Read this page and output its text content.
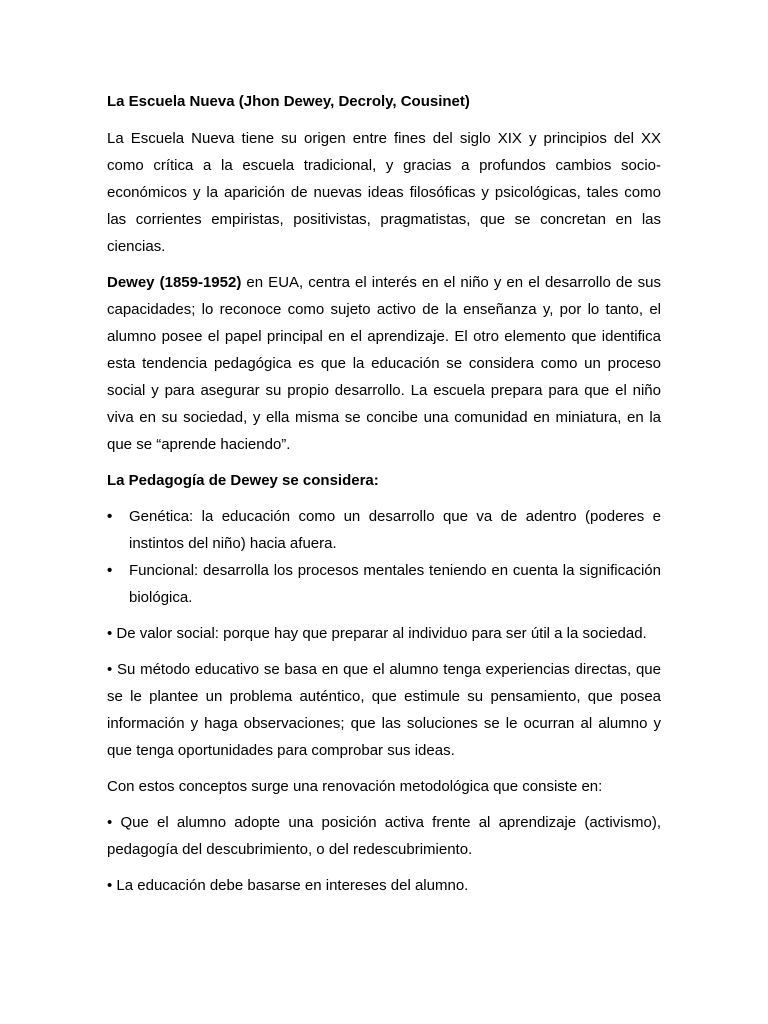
La Escuela Nueva (Jhon Dewey, Decroly, Cousinet)

La Escuela Nueva tiene su origen entre fines del siglo XIX y principios del XX como crítica a la escuela tradicional, y gracias a profundos cambios socio-económicos y la aparición de nuevas ideas filosóficas y psicológicas, tales como las corrientes empiristas, positivistas, pragmatistas, que se concretan en las ciencias.

Dewey (1859-1952) en EUA, centra el interés en el niño y en el desarrollo de sus capacidades; lo reconoce como sujeto activo de la enseñanza y, por lo tanto, el alumno posee el papel principal en el aprendizaje. El otro elemento que identifica esta tendencia pedagógica es que la educación se considera como un proceso social y para asegurar su propio desarrollo. La escuela prepara para que el niño viva en su sociedad, y ella misma se concibe una comunidad en miniatura, en la que se “aprende haciendo”.

La Pedagogía de Dewey se considera:

• Genética: la educación como un desarrollo que va de adentro (poderes e instintos del niño) hacia afuera.
• Funcional: desarrolla los procesos mentales teniendo en cuenta la significación biológica.

• De valor social: porque hay que preparar al individuo para ser útil a la sociedad.

• Su método educativo se basa en que el alumno tenga experiencias directas, que se le plantee un problema auténtico, que estimule su pensamiento, que posea información y haga observaciones; que las soluciones se le ocurran al alumno y que tenga oportunidades para comprobar sus ideas.

Con estos conceptos surge una renovación metodológica que consiste en:

• Que el alumno adopte una posición activa frente al aprendizaje (activismo), pedagogía del descubrimiento, o del redescubrimiento.

• La educación debe basarse en intereses del alumno.
